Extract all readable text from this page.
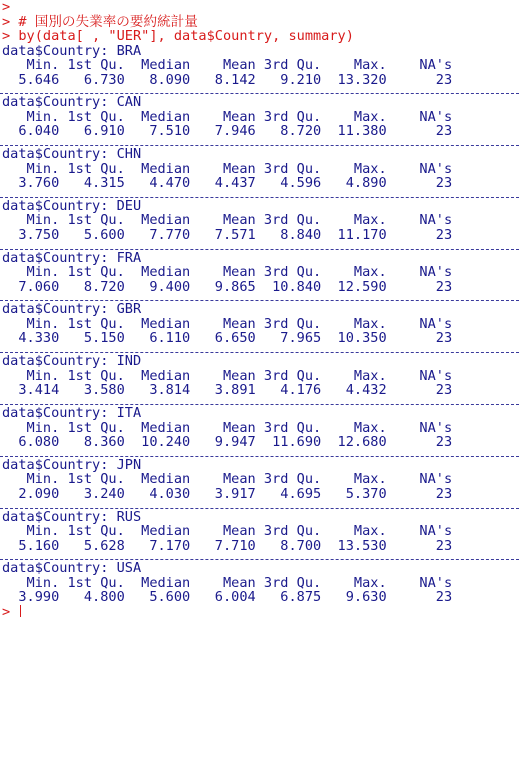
>
> # 国別の失業率の要約統計量
> by(data[ , "UER"], data$Country, summary)
data$Country: BRA
Min. 1st Qu.  Median    Mean 3rd Qu.    Max.    NA's
5.646   6.730   8.090   8.142   9.210  13.320      23
data$Country: CAN
Min. 1st Qu.  Median    Mean 3rd Qu.    Max.    NA's
6.040   6.910   7.510   7.946   8.720  11.380      23
data$Country: CHN
Min. 1st Qu.  Median    Mean 3rd Qu.    Max.    NA's
3.760   4.315   4.470   4.437   4.596   4.890      23
data$Country: DEU
Min. 1st Qu.  Median    Mean 3rd Qu.    Max.    NA's
3.750   5.600   7.770   7.571   8.840  11.170      23
data$Country: FRA
Min. 1st Qu.  Median    Mean 3rd Qu.    Max.    NA's
7.060   8.720   9.400   9.865  10.840  12.590      23
data$Country: GBR
Min. 1st Qu.  Median    Mean 3rd Qu.    Max.    NA's
4.330   5.150   6.110   6.650   7.965  10.350      23
data$Country: IND
Min. 1st Qu.  Median    Mean 3rd Qu.    Max.    NA's
3.414   3.580   3.814   3.891   4.176   4.432      23
data$Country: ITA
Min. 1st Qu.  Median    Mean 3rd Qu.    Max.    NA's
6.080   8.360  10.240   9.947  11.690  12.680      23
data$Country: JPN
Min. 1st Qu.  Median    Mean 3rd Qu.    Max.    NA's
2.090   3.240   4.030   3.917   4.695   5.370      23
data$Country: RUS
Min. 1st Qu.  Median    Mean 3rd Qu.    Max.    NA's
5.160   5.628   7.170   7.710   8.700  13.530      23
data$Country: USA
Min. 1st Qu.  Median    Mean 3rd Qu.    Max.    NA's
3.990   4.800   5.600   6.004   6.875   9.630      23
>
